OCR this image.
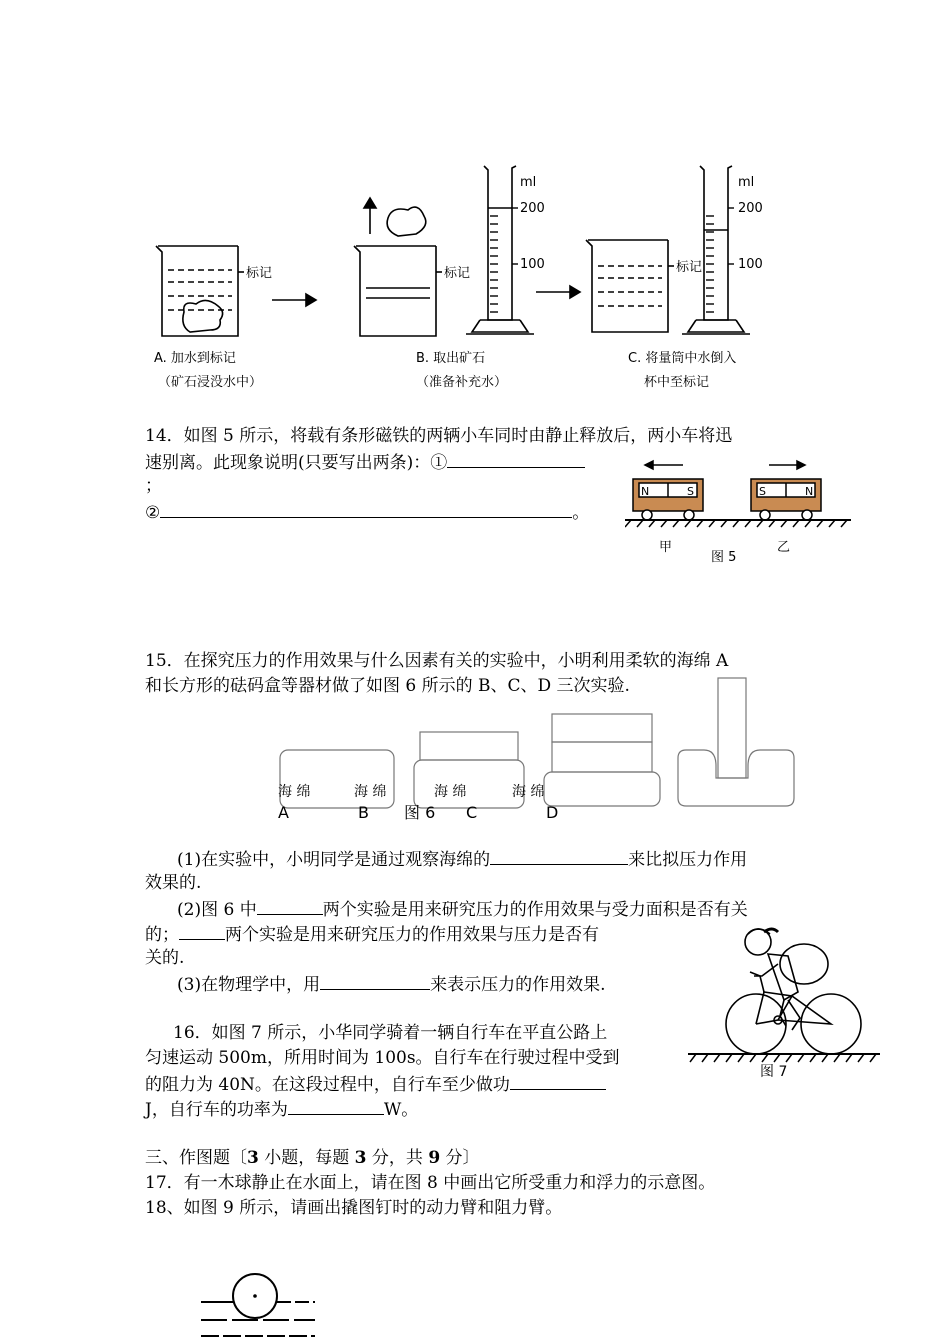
标记	标记	标记
ml
200
100
ml
200
100
A. 加水到标记
（矿石浸没水中）
B. 取出矿石
（准备补充水）
C. 将量筒中水倒入
杯中至标记
14．如图 5 所示，将载有条形磁铁的两辆小车同时由静止释放后，两小车将迅
速别离。此现象说明(只要写出两条)：①
；
②	。
N	S	S	N
甲
图 5
乙
15．在探究压力的作用效果与什么因素有关的实验中，小明利用柔软的海绵 A
和长方形的砝码盒等器材做了如图 6 所示的 B、C、D 三次实验.
海 绵	海 绵	海 绵	海 绵
A	B 图 6 C	D
(1)在实验中，小明同学是通过观察海绵的	来比拟压力作用
效果的.
(2)图 6 中	两个实验是用来研究压力的作用效果与受力面积是否有关
的；	两个实验是用来研究压力的作用效果与压力是否有
关的.
(3)在物理学中，用	来表示压力的作用效果.
图 7
16．如图 7 所示，小华同学骑着一辆自行车在平直公路上
匀速运动 500m，所用时间为 100s。自行车在行驶过程中受到
的阻力为 40N。在这段过程中，自行车至少做功
J，自行车的功率为	W。
三、作图题〔3 小题，每题 3 分，共 9 分〕
17．有一木球静止在水面上，请在图 8 中画出它所受重力和浮力的示意图。
18、如图 9 所示，请画出撬图钉时的动力臂和阻力臂。
